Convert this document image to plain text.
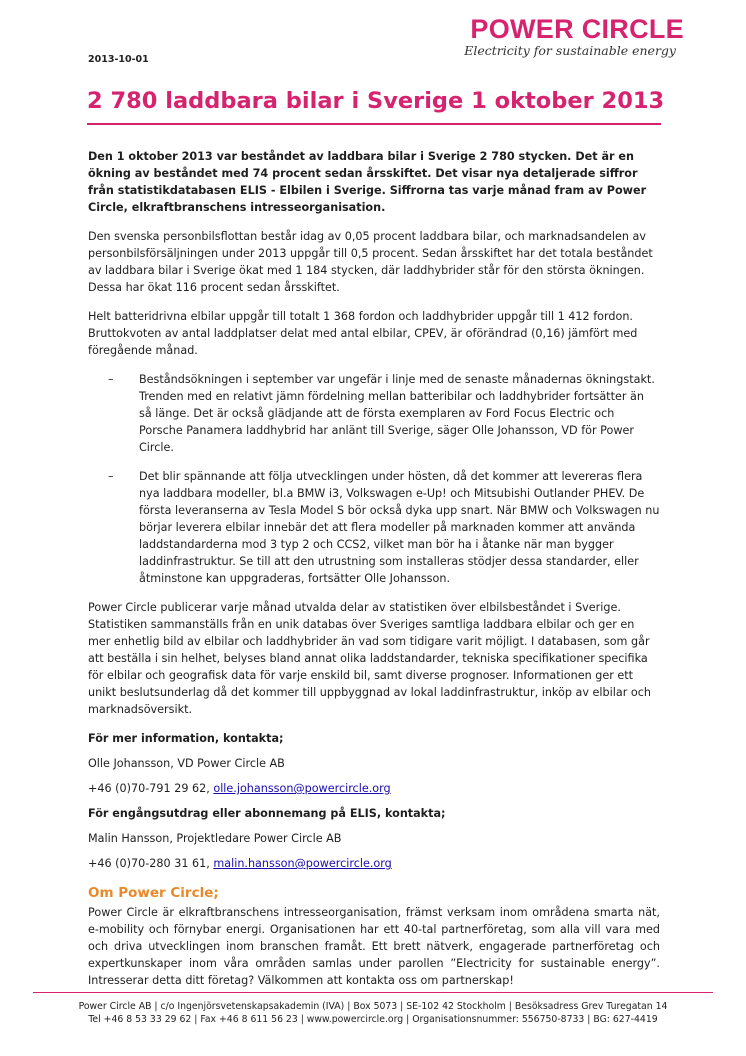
POWER CIRCLE
Electricity for sustainable energy
2013-10-01
2 780 laddbara bilar i Sverige 1 oktober 2013

Den 1 oktober 2013 var beståndet av laddbara bilar i Sverige 2 780 stycken. Det är en ökning av beståndet med 74 procent sedan årsskiftet. Det visar nya detaljerade siffror från statistikdatabasen ELIS - Elbilen i Sverige. Siffrorna tas varje månad fram av Power Circle, elkraftbranschens intresseorganisation.

Den svenska personbilsflottan består idag av 0,05 procent laddbara bilar, och marknadsandelen av personbilsförsäljningen under 2013 uppgår till 0,5 procent. Sedan årsskiftet har det totala beståndet av laddbara bilar i Sverige ökat med 1 184 stycken, där laddhybrider står för den största ökningen. Dessa har ökat 116 procent sedan årsskiftet.

Helt batteridrivna elbilar uppgår till totalt 1 368 fordon och laddhybrider uppgår till 1 412 fordon. Bruttokvoten av antal laddplatser delat med antal elbilar, CPEV, är oförändrad (0,16) jämfört med föregående månad.

–	Beståndsökningen i september var ungefär i linje med de senaste månadernas ökningstakt. Trenden med en relativt jämn fördelning mellan batteribilar och laddhybrider fortsätter än så länge. Det är också glädjande att de första exemplaren av Ford Focus Electric och Porsche Panamera laddhybrid har anlänt till Sverige, säger Olle Johansson, VD för Power Circle.
–	Det blir spännande att följa utvecklingen under hösten, då det kommer att levereras flera nya laddbara modeller, bl.a BMW i3, Volkswagen e-Up! och Mitsubishi Outlander PHEV. De första leveranserna av Tesla Model S bör också dyka upp snart. När BMW och Volkswagen nu börjar leverera elbilar innebär det att flera modeller på marknaden kommer att använda laddstandarderna mod 3 typ 2 och CCS2, vilket man bör ha i åtanke när man bygger laddinfrastruktur. Se till att den utrustning som installeras stödjer dessa standarder, eller åtminstone kan uppgraderas, fortsätter Olle Johansson.

Power Circle publicerar varje månad utvalda delar av statistiken över elbilsbeståndet i Sverige. Statistiken sammanställs från en unik databas över Sveriges samtliga laddbara elbilar och ger en mer enhetlig bild av elbilar och laddhybrider än vad som tidigare varit möjligt. I databasen, som går att beställa i sin helhet, belyses bland annat olika laddstandarder, tekniska specifikationer specifika för elbilar och geografisk data för varje enskild bil, samt diverse prognoser. Informationen ger ett unikt beslutsunderlag då det kommer till uppbyggnad av lokal laddinfrastruktur, inköp av elbilar och marknadsöversikt.

För mer information, kontakta;

Olle Johansson, VD Power Circle AB

+46 (0)70-791 29 62, olle.johansson@powercircle.org

För engångsutdrag eller abonnemang på ELIS, kontakta;

Malin Hansson, Projektledare Power Circle AB

+46 (0)70-280 31 61, malin.hansson@powercircle.org

Om Power Circle;

Power Circle är elkraftbranschens intresseorganisation, främst verksam inom områdena smarta nät, e-mobility och förnybar energi. Organisationen har ett 40-tal partnerföretag, som alla vill vara med och driva utvecklingen inom branschen framåt. Ett brett nätverk, engagerade partnerföretag och expertkunskaper inom våra områden samlas under parollen ”Electricity for sustainable energy”. Intresserar detta ditt företag? Välkommen att kontakta oss om partnerskap!

Power Circle AB | c/o Ingenjörsvetenskapsakademin (IVA) | Box 5073 | SE-102 42 Stockholm | Besöksadress Grev Turegatan 14
Tel +46 8 53 33 29 62 | Fax +46 8 611 56 23 | www.powercircle.org | Organisationsnummer: 556750-8733 | BG: 627-4419
